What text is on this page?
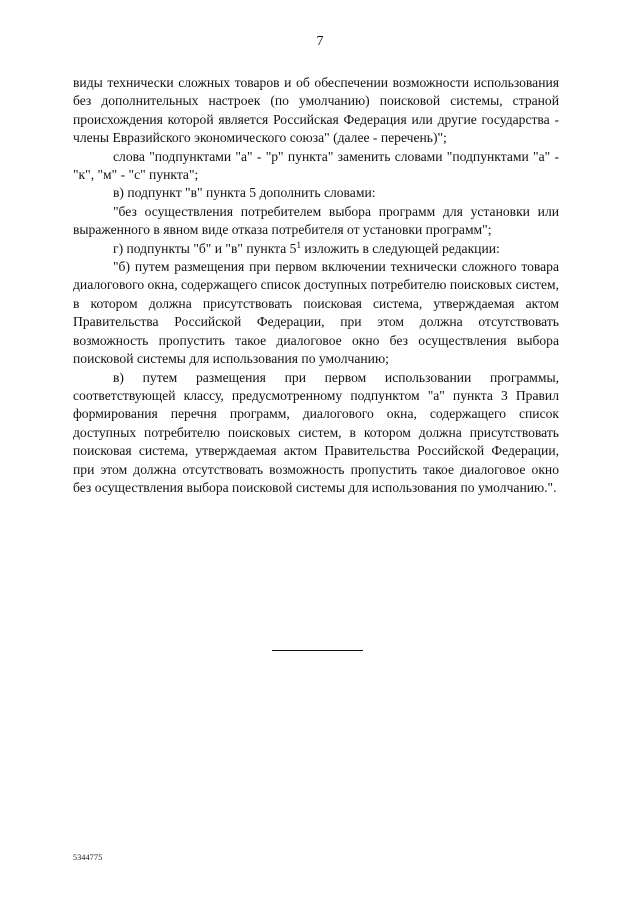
7

виды технически сложных товаров и об обеспечении возможности использования без дополнительных настроек (по умолчанию) поисковой системы, страной происхождения которой является Российская Федерация или другие государства - члены Евразийского экономического союза" (далее - перечень)";

слова "подпунктами "а" - "р" пункта" заменить словами "подпунктами "а" - "к", "м" - "с" пункта";

в) подпункт "в" пункта 5 дополнить словами:

"без осуществления потребителем выбора программ для установки или выраженного в явном виде отказа потребителя от установки программ";

г) подпункты "б" и "в" пункта $5^1$ изложить в следующей редакции:

"б) путем размещения при первом включении технически сложного товара диалогового окна, содержащего список доступных потребителю поисковых систем, в котором должна присутствовать поисковая система, утверждаемая актом Правительства Российской Федерации, при этом должна отсутствовать возможность пропустить такое диалоговое окно без осуществления выбора поисковой системы для использования по умолчанию;

в) путем размещения при первом использовании программы, соответствующей классу, предусмотренному подпунктом "а" пункта 3 Правил формирования перечня программ, диалогового окна, содержащего список доступных потребителю поисковых систем, в котором должна присутствовать поисковая система, утверждаемая актом Правительства Российской Федерации, при этом должна отсутствовать возможность пропустить такое диалоговое окно без осуществления выбора поисковой системы для использования по умолчанию.".

5344775
